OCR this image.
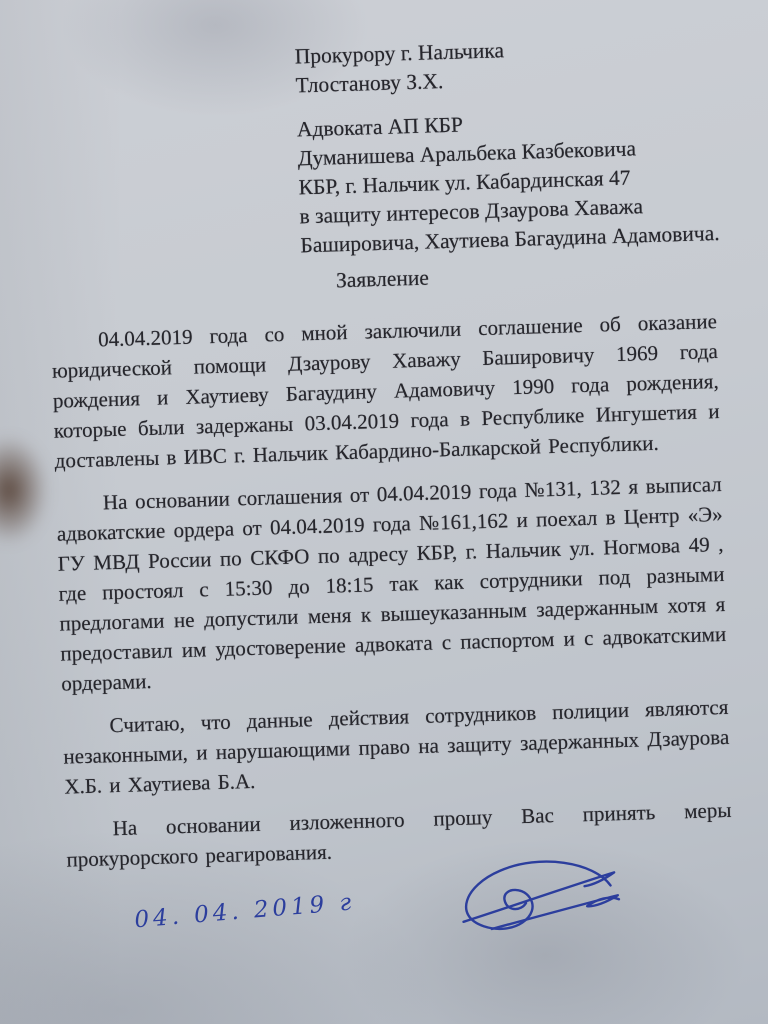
Прокурору г. Нальчика
Тлостанову З.Х.
Адвоката АП КБР
Думанишева Аральбека Казбековича
КБР, г. Нальчик ул. Кабардинская 47
в защиту интересов Дзаурова Хаважа
Башировича, Хаутиева Багаудина Адамовича.
Заявление

04.04.2019 года со мной заключили соглашение об оказание юридической помощи Дзаурову Хаважу Башировичу 1969 года рождения и Хаутиеву Багаудину Адамовичу 1990 года рождения, которые были задержаны 03.04.2019 года в Республике Ингушетия и доставлены в ИВС г. Нальчик Кабардино-Балкарской Республики.

На основании соглашения от 04.04.2019 года №131, 132 я выписал адвокатские ордера от 04.04.2019 года №161,162 и поехал в Центр «Э» ГУ МВД России по СКФО по адресу КБР, г. Нальчик ул. Ногмова 49 , где простоял с 15:30 до 18:15 так как сотрудники под разными предлогами не допустили меня к вышеуказанным задержанным хотя я предоставил им удостоверение адвоката с паспортом и с адвокатскими ордерами.

Считаю, что данные действия сотрудников полиции являются незаконными, и нарушающими право на защиту задержанных Дзаурова Х.Б. и Хаутиева Б.А.

На основании изложенного прошу Вас принять меры прокурорского реагирования.

04. 04. 2019 г
